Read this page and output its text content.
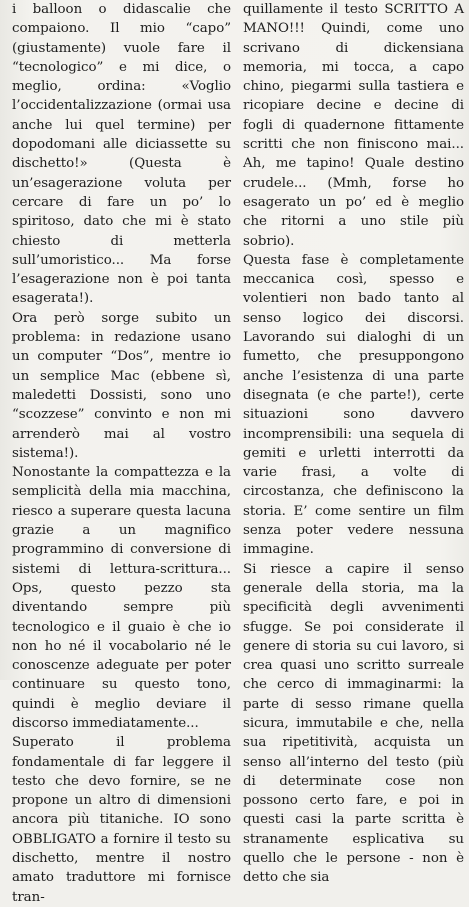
i balloon o didascalie che compaiono. Il mio “capo” (giustamente) vuole fare il “tecnologico” e mi dice, o meglio, ordina: «Voglio l’occidentalizzazione (ormai usa anche lui quel termine) per dopodomani alle diciassette su dischetto!» (Questa è un’esagerazione voluta per cercare di fare un po’ lo spiritoso, dato che mi è stato chiesto di metterla sull’umoristico... Ma forse l’esagerazione non è poi tanta esagerata!).

Ora però sorge subito un problema: in redazione usano un computer “Dos”, mentre io un semplice Mac (ebbene sì, maledetti Dossisti, sono uno “scozzese” convinto e non mi arrenderò mai al vostro sistema!).

Nonostante la compattezza e la semplicità della mia macchina, riesco a superare questa lacuna grazie a un magnifico programmino di conversione di sistemi di lettura-scrittura... Ops, questo pezzo sta diventando sempre più tecnologico e il guaio è che io non ho né il vocabolario né le conoscenze adeguate per poter continuare su questo tono, quindi è meglio deviare il discorso immediatamente...

Superato il problema fondamentale di far leggere il testo che devo fornire, se ne propone un altro di dimensioni ancora più titaniche. IO sono OBBLIGATO a fornire il testo su dischetto, mentre il nostro amato traduttore mi fornisce tran-

quillamente il testo SCRITTO A MANO!!! Quindi, come uno scrivano di dickensiana memoria, mi tocca, a capo chino, piegarmi sulla tastiera e ricopiare decine e decine di fogli di quadernone fittamente scritti che non finiscono mai... Ah, me tapino! Quale destino crudele... (Mmh, forse ho esagerato un po’ ed è meglio che ritorni a uno stile più sobrio).

Questa fase è completamente meccanica così, spesso e volentieri non bado tanto al senso logico dei discorsi. Lavorando sui dialoghi di un fumetto, che presuppongono anche l’esistenza di una parte disegnata (e che parte!), certe situazioni sono davvero incomprensibili: una sequela di gemiti e urletti interrotti da varie frasi, a volte di circostanza, che definiscono la storia. E’ come sentire un film senza poter vedere nessuna immagine.

Si riesce a capire il senso generale della storia, ma la specificità degli avvenimenti sfugge. Se poi considerate il genere di storia su cui lavoro, si crea quasi uno scritto surreale che cerco di immaginarmi: la parte di sesso rimane quella sicura, immutabile e che, nella sua ripetitività, acquista un senso all’interno del testo (più di determinate cose non possono certo fare, e poi in questi casi la parte scritta è stranamente esplicativa su quello che le persone - non è detto che sia
